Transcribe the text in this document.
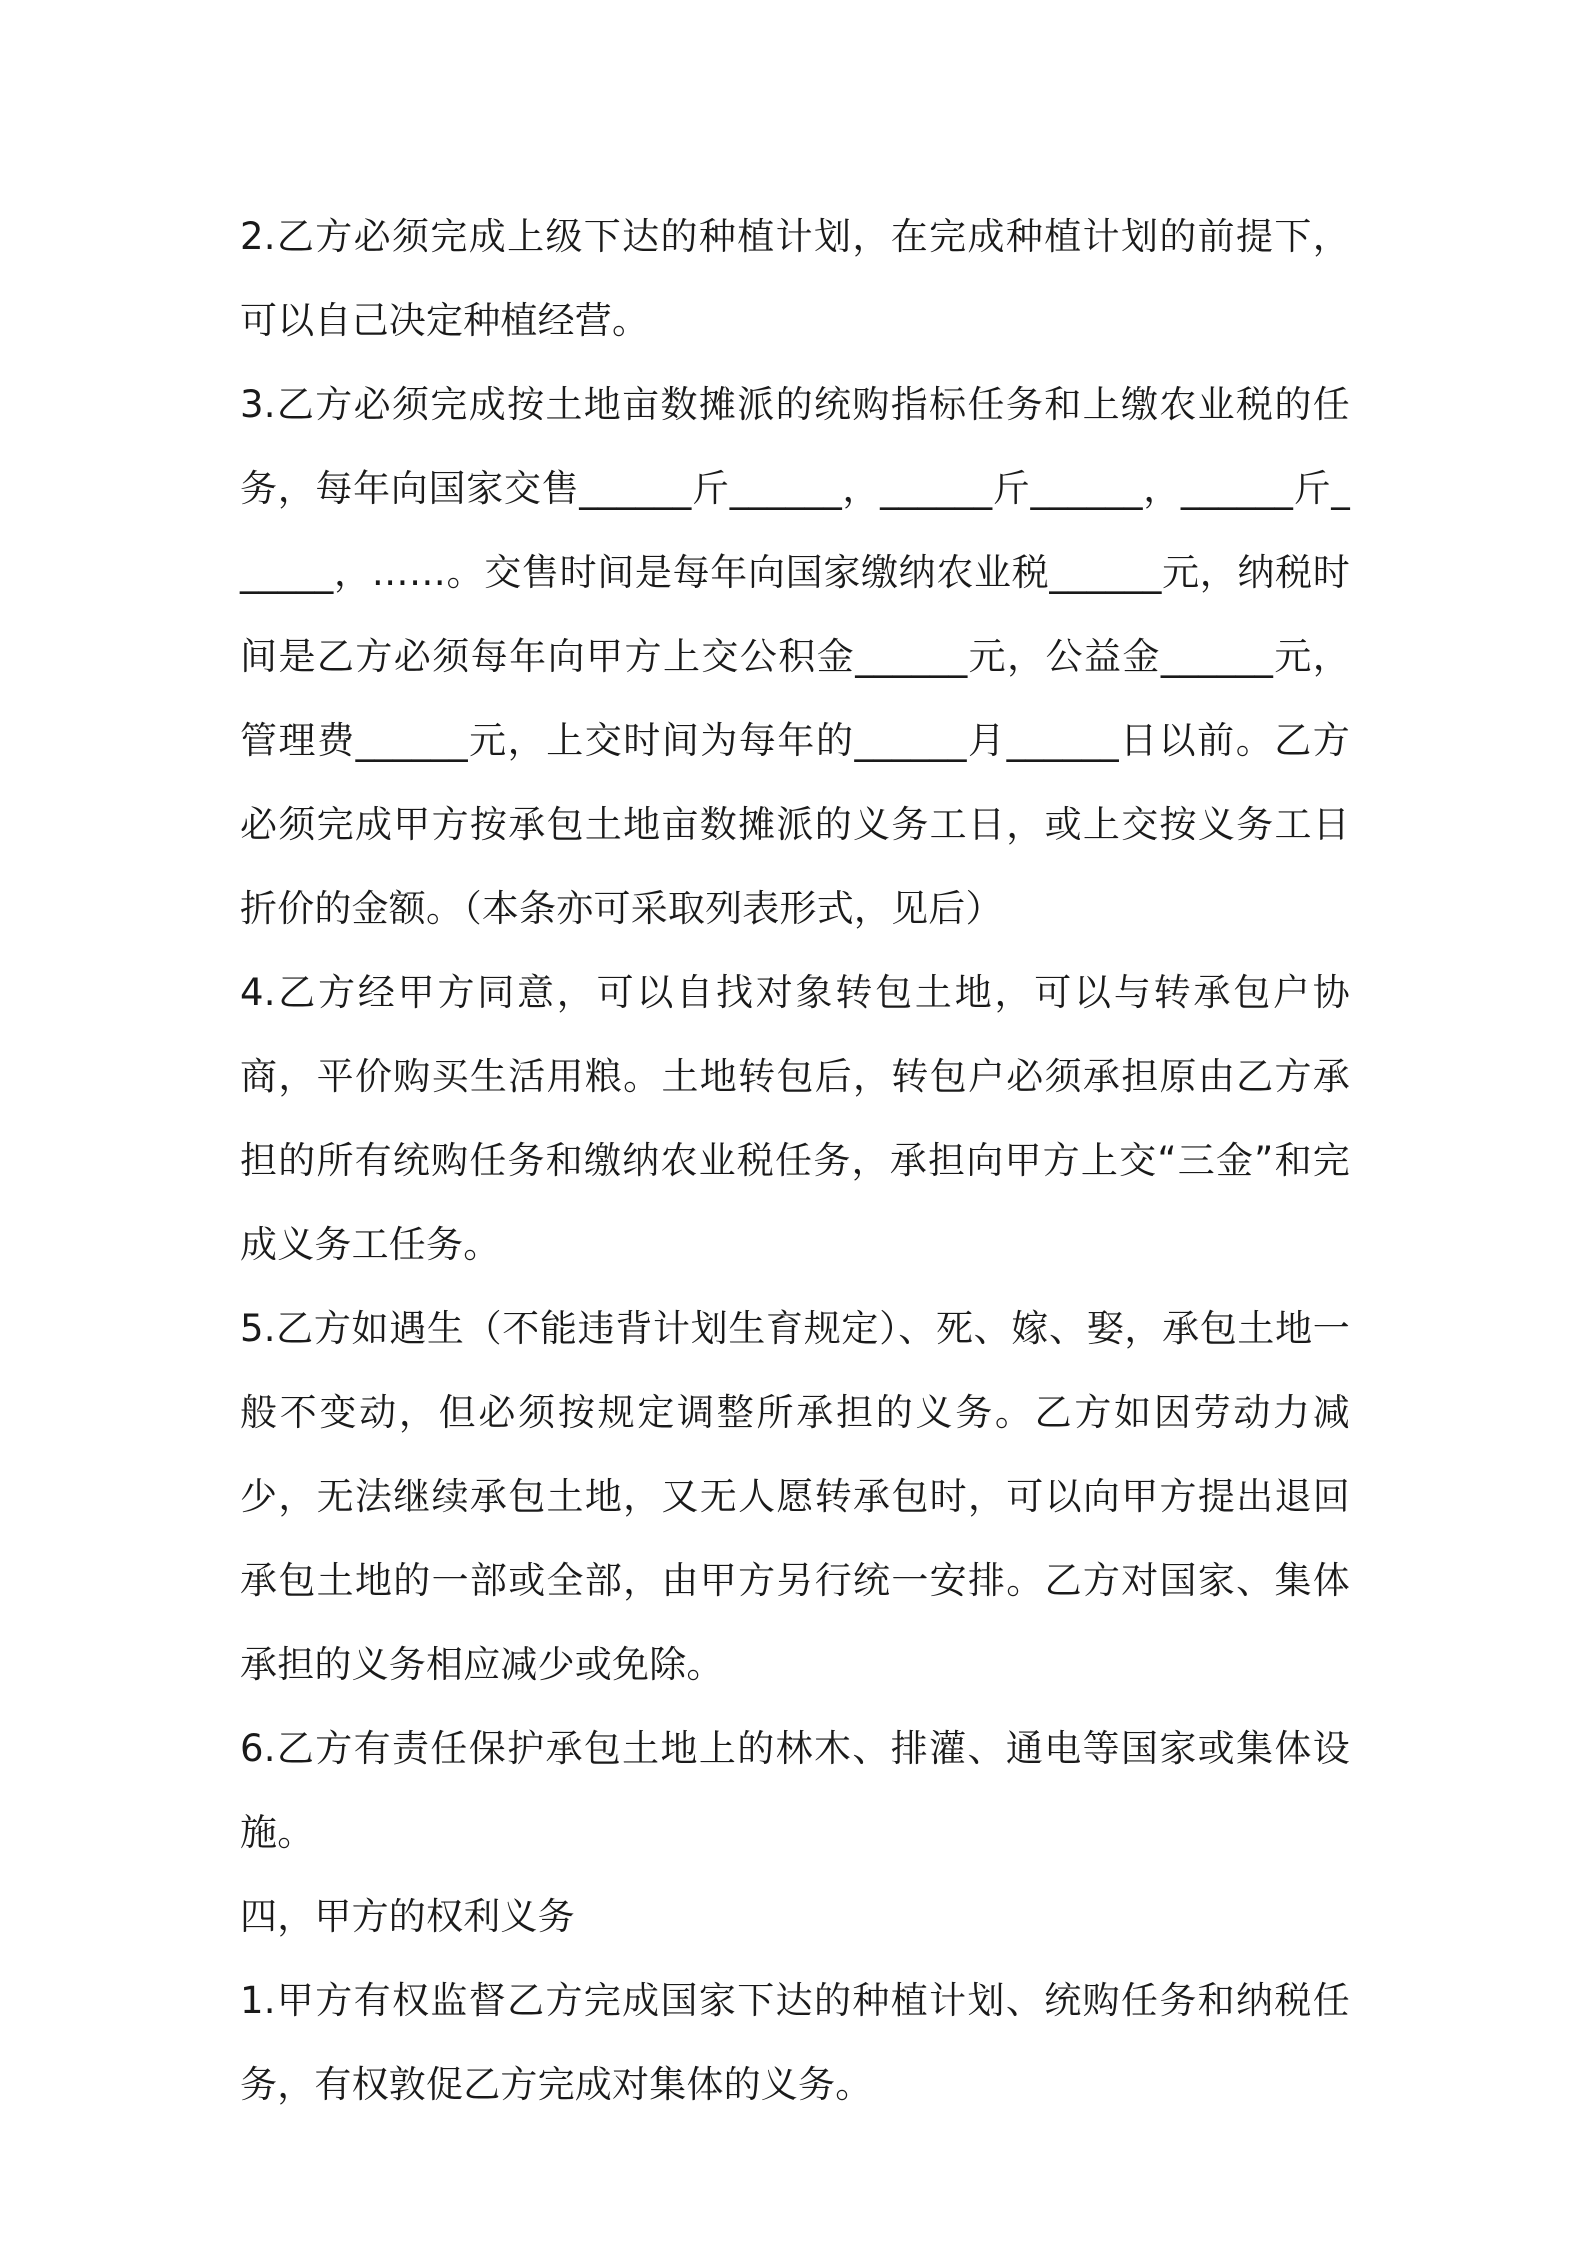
2.乙方必须完成上级下达的种植计划，在完成种植计划的前提下，可以自己决定种植经营。

3.乙方必须完成按土地亩数摊派的统购指标任务和上缴农业税的任务，每年向国家交售______斤______，______斤______，______斤______，……。交售时间是每年向国家缴纳农业税______元，纳税时间是乙方必须每年向甲方上交公积金______元，公益金______元，管理费______元，上交时间为每年的______月______日以前。乙方必须完成甲方按承包土地亩数摊派的义务工日，或上交按义务工日折价的金额。（本条亦可采取列表形式，见后）

4.乙方经甲方同意，可以自找对象转包土地，可以与转承包户协商，平价购买生活用粮。土地转包后，转包户必须承担原由乙方承担的所有统购任务和缴纳农业税任务，承担向甲方上交“三金”和完成义务工任务。

5.乙方如遇生（不能违背计划生育规定）、死、嫁、娶，承包土地一般不变动，但必须按规定调整所承担的义务。乙方如因劳动力减少，无法继续承包土地，又无人愿转承包时，可以向甲方提出退回承包土地的一部或全部，由甲方另行统一安排。乙方对国家、集体承担的义务相应减少或免除。

6.乙方有责任保护承包土地上的林木、排灌、通电等国家或集体设施。

四，甲方的权利义务

1.甲方有权监督乙方完成国家下达的种植计划、统购任务和纳税任务，有权敦促乙方完成对集体的义务。
